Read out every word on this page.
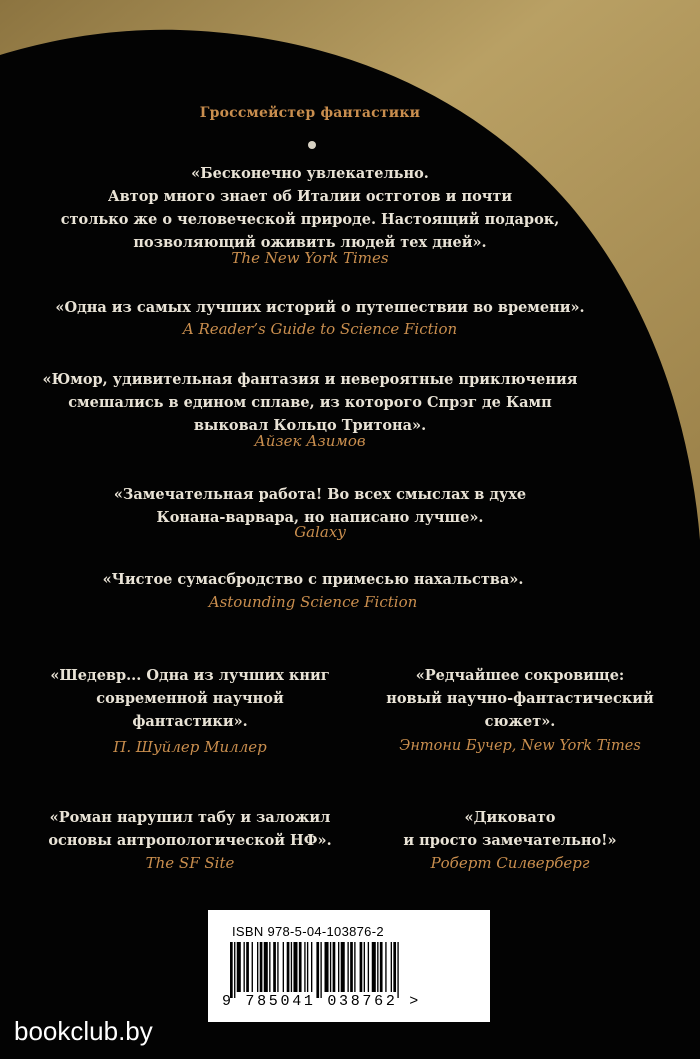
Гроссмейстер фантастики
«Бесконечно увлекательно.
Автор много знает об Италии остготов и почти
столько же о человеческой природе. Настоящий подарок,
позволяющий оживить людей тех дней».
The New York Times
«Одна из самых лучших историй о путешествии во времени».
A Reader’s Guide to Science Fiction
«Юмор, удивительная фантазия и невероятные приключения
смешались в едином сплаве, из которого Спрэг де Камп
выковал Кольцо Тритона».
Айзек Азимов
«Замечательная работа! Во всех смыслах в духе
Конана-варвара, но написано лучше».
Galaxy
«Чистое сумасбродство с примесью нахальства».
Astounding Science Fiction
«Шедевр... Одна из лучших книг
современной научной
фантастики».
П. Шуйлер Миллер
«Редчайшее сокровище:
новый научно-фантастический
сюжет».
Энтони Бучер, New York Times
«Роман нарушил табу и заложил
основы антропологической НФ».
The SF Site
«Диковато
и просто замечательно!»
Роберт Силверберг
ISBN 978-5-04-103876-2
9 785041 038762 >
bookclub.by
